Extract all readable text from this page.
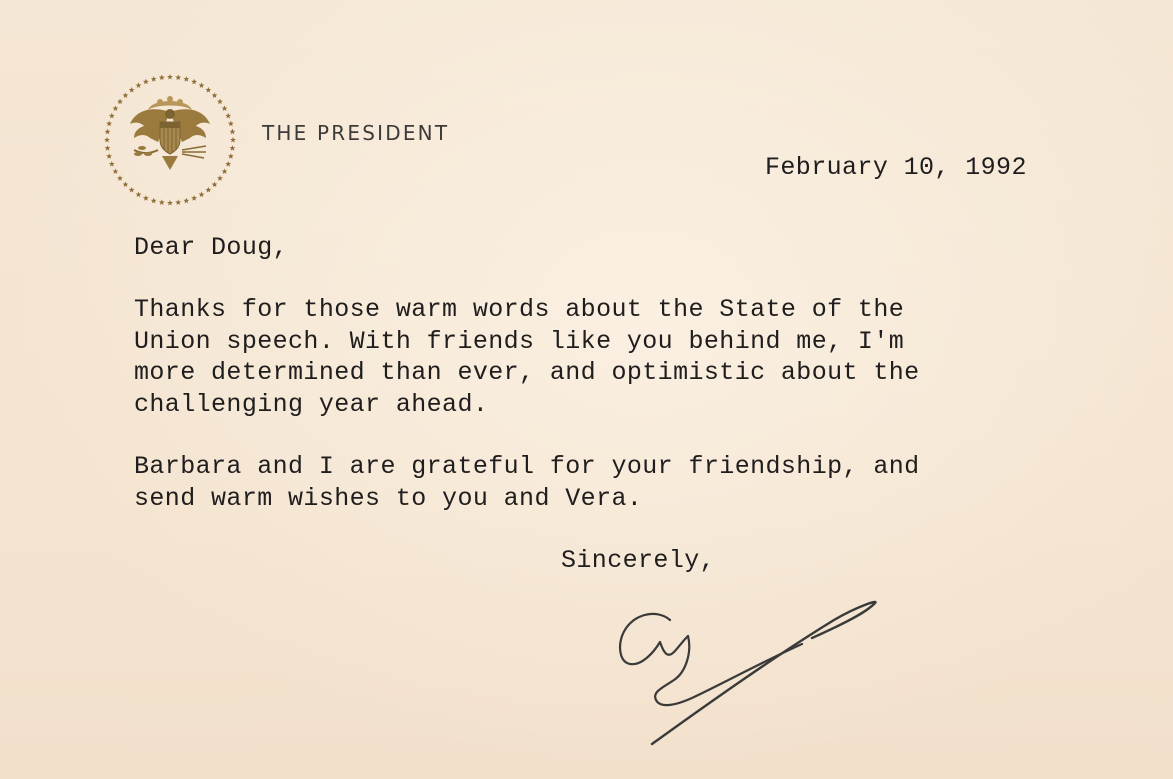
THE PRESIDENT

February 10, 1992

Dear Doug,

Thanks for those warm words about the State of the
Union speech. With friends like you behind me, I'm
more determined than ever, and optimistic about the
challenging year ahead.

Barbara and I are grateful for your friendship, and
send warm wishes to you and Vera.

Sincerely,
